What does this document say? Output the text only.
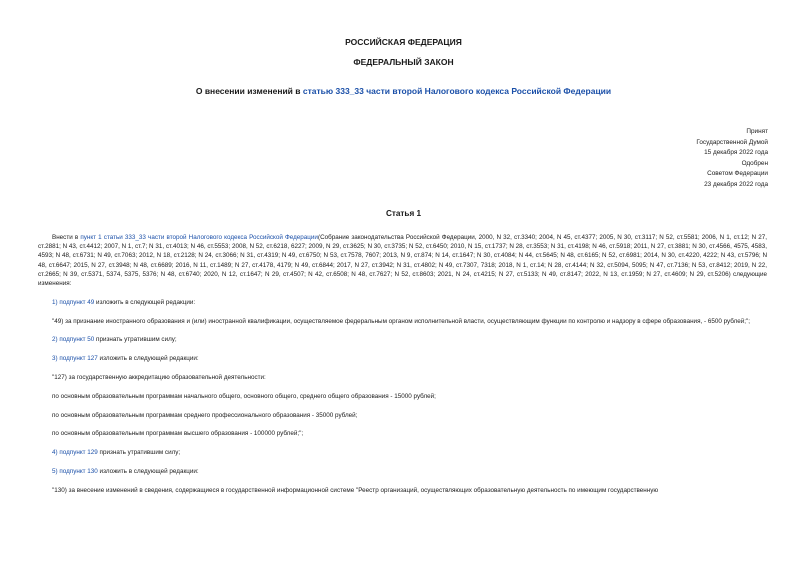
РОССИЙСКАЯ ФЕДЕРАЦИЯ
ФЕДЕРАЛЬНЫЙ ЗАКОН
О внесении изменений в статью 333_33 части второй Налогового кодекса Российской Федерации
Принят
Государственной Думой
15 декабря 2022 года
Одобрен
Советом Федерации
23 декабря 2022 года
Статья 1

Внести в пункт 1 статьи 333_33 части второй Налогового кодекса Российской Федерации(Собрание законодательства Российской Федерации, 2000, N 32, ст.3340; 2004, N 45, ст.4377; 2005, N 30, ст.3117; N 52, ст.5581; 2006, N 1, ст.12; N 27, ст.2881; N 43, ст.4412; 2007, N 1, ст.7; N 31, ст.4013; N 46, ст.5553; 2008, N 52, ст.6218, 6227; 2009, N 29, ст.3625; N 30, ст.3735; N 52, ст.6450; 2010, N 15, ст.1737; N 28, ст.3553; N 31, ст.4198; N 46, ст.5918; 2011, N 27, ст.3881; N 30, ст.4566, 4575, 4583, 4593; N 48, ст.6731; N 49, ст.7063; 2012, N 18, ст.2128; N 24, ст.3066; N 31, ст.4319; N 49, ст.6750; N 53, ст.7578, 7607; 2013, N 9, ст.874; N 14, ст.1647; N 30, ст.4084; N 44, ст.5645; N 48, ст.6165; N 52, ст.6981; 2014, N 30, ст.4220, 4222; N 43, ст.5796; N 48, ст.6647; 2015, N 27, ст.3948; N 48, ст.6689; 2016, N 11, ст.1489; N 27, ст.4178, 4179; N 49, ст.6844; 2017, N 27, ст.3942; N 31, ст.4802; N 49, ст.7307, 7318; 2018, N 1, ст.14; N 28, ст.4144; N 32, ст.5094, 5095; N 47, ст.7136; N 53, ст.8412; 2019, N 22, ст.2665; N 39, ст.5371, 5374, 5375, 5376; N 48, ст.6740; 2020, N 12, ст.1647; N 29, ст.4507; N 42, ст.6508; N 48, ст.7627; N 52, ст.8603; 2021, N 24, ст.4215; N 27, ст.5133; N 49, ст.8147; 2022, N 13, ст.1959; N 27, ст.4609; N 29, ст.5206) следующие изменения:

1) подпункт 49 изложить в следующей редакции:

"49) за признание иностранного образования и (или) иностранной квалификации, осуществляемое федеральным органом исполнительной власти, осуществляющим функции по контролю и надзору в сфере образования, - 6500 рублей;";

2) подпункт 50 признать утратившим силу;

3) подпункт 127 изложить в следующей редакции:

"127) за государственную аккредитацию образовательной деятельности:

по основным образовательным программам начального общего, основного общего, среднего общего образования - 15000 рублей;

по основным образовательным программам среднего профессионального образования - 35000 рублей;

по основным образовательным программам высшего образования - 100000 рублей;";

4) подпункт 129 признать утратившим силу;

5) подпункт 130 изложить в следующей редакции:

"130) за внесение изменений в сведения, содержащиеся в государственной информационной системе "Реестр организаций, осуществляющих образовательную деятельность по имеющим государственную
